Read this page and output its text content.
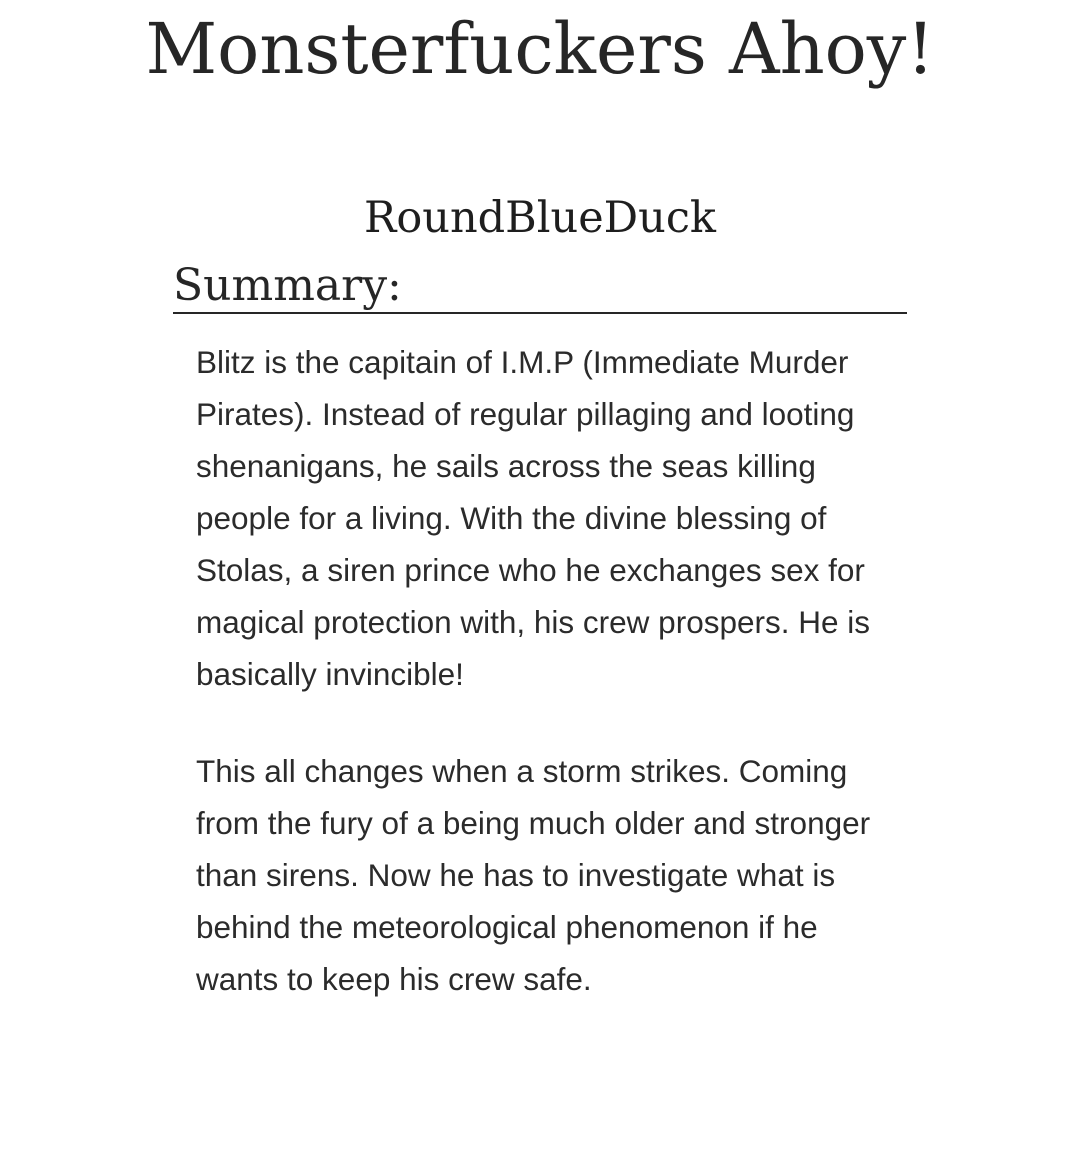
Monsterfuckers Ahoy!
RoundBlueDuck
Summary:

Blitz is the capitain of I.M.P (Immediate Murder Pirates). Instead of regular pillaging and looting shenanigans, he sails across the seas killing people for a living. With the divine blessing of Stolas, a siren prince who he exchanges sex for magical protection with, his crew prospers. He is basically invincible!

This all changes when a storm strikes. Coming from the fury of a being much older and stronger than sirens. Now he has to investigate what is behind the meteorological phenomenon if he wants to keep his crew safe.
